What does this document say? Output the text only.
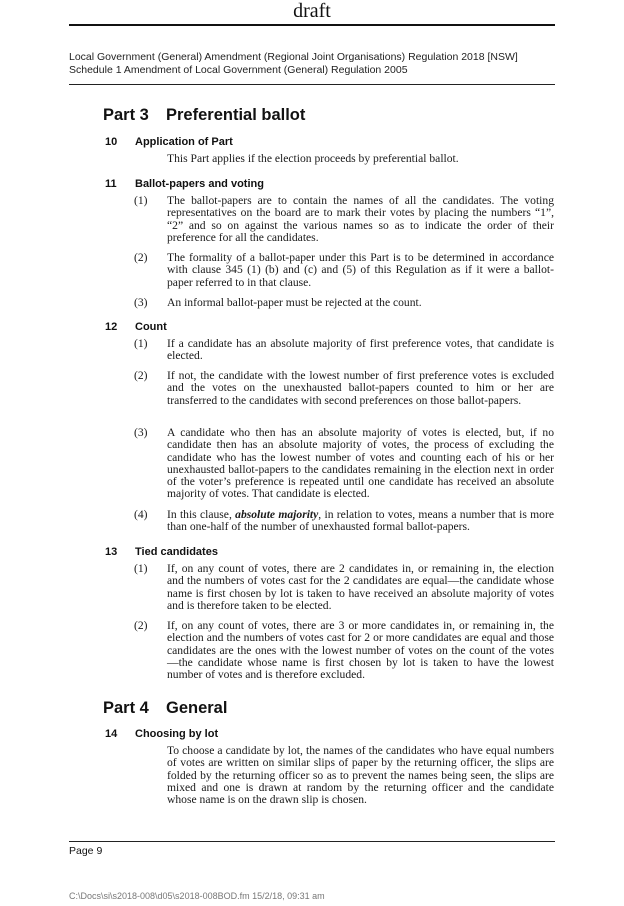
draft
Local Government (General) Amendment (Regional Joint Organisations) Regulation 2018 [NSW]
Schedule 1 Amendment of Local Government (General) Regulation 2005
Part 3 Preferential ballot
10 Application of Part
This Part applies if the election proceeds by preferential ballot.
11 Ballot-papers and voting
(1) The ballot-papers are to contain the names of all the candidates. The voting representatives on the board are to mark their votes by placing the numbers “1”, “2” and so on against the various names so as to indicate the order of their preference for all the candidates.
(2) The formality of a ballot-paper under this Part is to be determined in accordance with clause 345 (1) (b) and (c) and (5) of this Regulation as if it were a ballot-paper referred to in that clause.
(3) An informal ballot-paper must be rejected at the count.
12 Count
(1) If a candidate has an absolute majority of first preference votes, that candidate is elected.
(2) If not, the candidate with the lowest number of first preference votes is excluded and the votes on the unexhausted ballot-papers counted to him or her are transferred to the candidates with second preferences on those ballot-papers.
(3) A candidate who then has an absolute majority of votes is elected, but, if no candidate then has an absolute majority of votes, the process of excluding the candidate who has the lowest number of votes and counting each of his or her unexhausted ballot-papers to the candidates remaining in the election next in order of the voter’s preference is repeated until one candidate has received an absolute majority of votes. That candidate is elected.
(4) In this clause, absolute majority, in relation to votes, means a number that is more than one-half of the number of unexhausted formal ballot-papers.
13 Tied candidates
(1) If, on any count of votes, there are 2 candidates in, or remaining in, the election and the numbers of votes cast for the 2 candidates are equal—the candidate whose name is first chosen by lot is taken to have received an absolute majority of votes and is therefore taken to be elected.
(2) If, on any count of votes, there are 3 or more candidates in, or remaining in, the election and the numbers of votes cast for 2 or more candidates are equal and those candidates are the ones with the lowest number of votes on the count of the votes—the candidate whose name is first chosen by lot is taken to have the lowest number of votes and is therefore excluded.
Part 4 General
14 Choosing by lot
To choose a candidate by lot, the names of the candidates who have equal numbers of votes are written on similar slips of paper by the returning officer, the slips are folded by the returning officer so as to prevent the names being seen, the slips are mixed and one is drawn at random by the returning officer and the candidate whose name is on the drawn slip is chosen.
Page 9
C:\Docs\si\s2018-008\d05\s2018-008BOD.fm 15/2/18, 09:31 am
